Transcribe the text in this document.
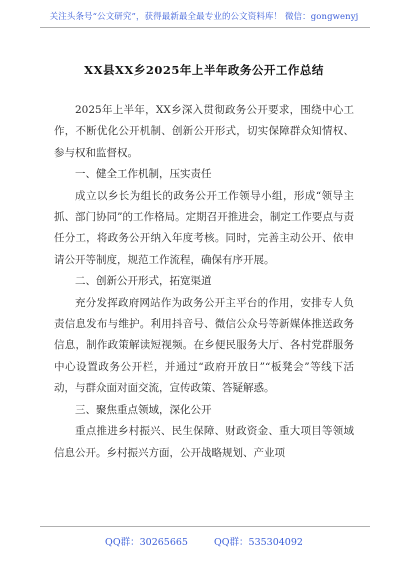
关注头条号“公文研究”，获得最新最全最专业的公文资料库！ 微信：gongwenyj
XX县XX乡2025年上半年政务公开工作总结

2025年上半年，XX乡深入贯彻政务公开要求，围绕中心工作，不断优化公开机制、创新公开形式，切实保障群众知情权、参与权和监督权。

一、健全工作机制，压实责任

成立以乡长为组长的政务公开工作领导小组，形成“领导主抓、部门协同”的工作格局。定期召开推进会，制定工作要点与责任分工，将政务公开纳入年度考核。同时，完善主动公开、依申请公开等制度，规范工作流程，确保有序开展。

二、创新公开形式，拓宽渠道

充分发挥政府网站作为政务公开主平台的作用，安排专人负责信息发布与维护。利用抖音号、微信公众号等新媒体推送政务信息，制作政策解读短视频。在乡便民服务大厅、各村党群服务中心设置政务公开栏，并通过“政府开放日”“板凳会”等线下活动，与群众面对面交流，宣传政策、答疑解惑。

三、聚焦重点领域，深化公开

重点推进乡村振兴、民生保障、财政资金、重大项目等领域信息公开。乡村振兴方面，公开战略规划、产业项

QQ群：30265665	QQ群：535304092
